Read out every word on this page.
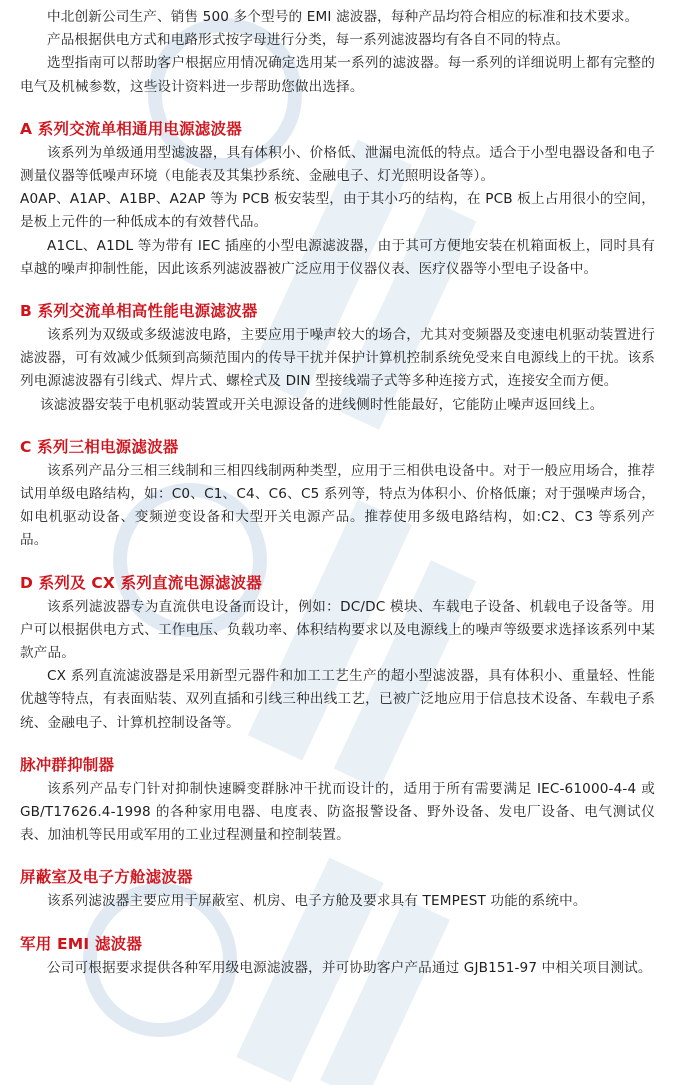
中北创新公司生产、销售 500 多个型号的 EMI 滤波器，每种产品均符合相应的标准和技术要求。

产品根据供电方式和电路形式按字母进行分类，每一系列滤波器均有各自不同的特点。

选型指南可以帮助客户根据应用情况确定选用某一系列的滤波器。每一系列的详细说明上都有完整的电气及机械参数，这些设计资料进一步帮助您做出选择。

A 系列交流单相通用电源滤波器

该系列为单级通用型滤波器，具有体积小、价格低、泄漏电流低的特点。适合于小型电器设备和电子测量仪器等低噪声环境（电能表及其集抄系统、金融电子、灯光照明设备等）。

A0AP、A1AP、A1BP、A2AP 等为 PCB 板安装型，由于其小巧的结构，在 PCB 板上占用很小的空间，是板上元件的一种低成本的有效替代品。

A1CL、A1DL 等为带有 IEC 插座的小型电源滤波器，由于其可方便地安装在机箱面板上，同时具有卓越的噪声抑制性能，因此该系列滤波器被广泛应用于仪器仪表、医疗仪器等小型电子设备中。

B 系列交流单相高性能电源滤波器

该系列为双级或多级滤波电路，主要应用于噪声较大的场合，尤其对变频器及变速电机驱动装置进行滤波器，可有效减少低频到高频范围内的传导干扰并保护计算机控制系统免受来自电源线上的干扰。该系列电源滤波器有引线式、焊片式、螺栓式及 DIN 型接线端子式等多种连接方式，连接安全而方便。

该滤波器安装于电机驱动装置或开关电源设备的进线侧时性能最好，它能防止噪声返回线上。

C 系列三相电源滤波器

该系列产品分三相三线制和三相四线制两种类型，应用于三相供电设备中。对于一般应用场合，推荐试用单级电路结构，如：C0、C1、C4、C6、C5 系列等，特点为体积小、价格低廉；对于强噪声场合，如电机驱动设备、变频逆变设备和大型开关电源产品。推荐使用多级电路结构，如:C2、C3 等系列产品。

D 系列及 CX 系列直流电源滤波器

该系列滤波器专为直流供电设备而设计，例如：DC/DC 模块、车载电子设备、机载电子设备等。用户可以根据供电方式、工作电压、负载功率、体积结构要求以及电源线上的噪声等级要求选择该系列中某款产品。

CX 系列直流滤波器是采用新型元器件和加工工艺生产的超小型滤波器，具有体积小、重量轻、性能优越等特点，有表面贴装、双列直插和引线三种出线工艺，已被广泛地应用于信息技术设备、车载电子系统、金融电子、计算机控制设备等。

脉冲群抑制器

该系列产品专门针对抑制快速瞬变群脉冲干扰而设计的，适用于所有需要满足 IEC-61000-4-4 或 GB/T17626.4-1998 的各种家用电器、电度表、防盗报警设备、野外设备、发电厂设备、电气测试仪表、加油机等民用或军用的工业过程测量和控制装置。

屏蔽室及电子方舱滤波器

该系列滤波器主要应用于屏蔽室、机房、电子方舱及要求具有 TEMPEST 功能的系统中。

军用 EMI 滤波器

公司可根据要求提供各种军用级电源滤波器，并可协助客户产品通过 GJB151-97 中相关项目测试。
